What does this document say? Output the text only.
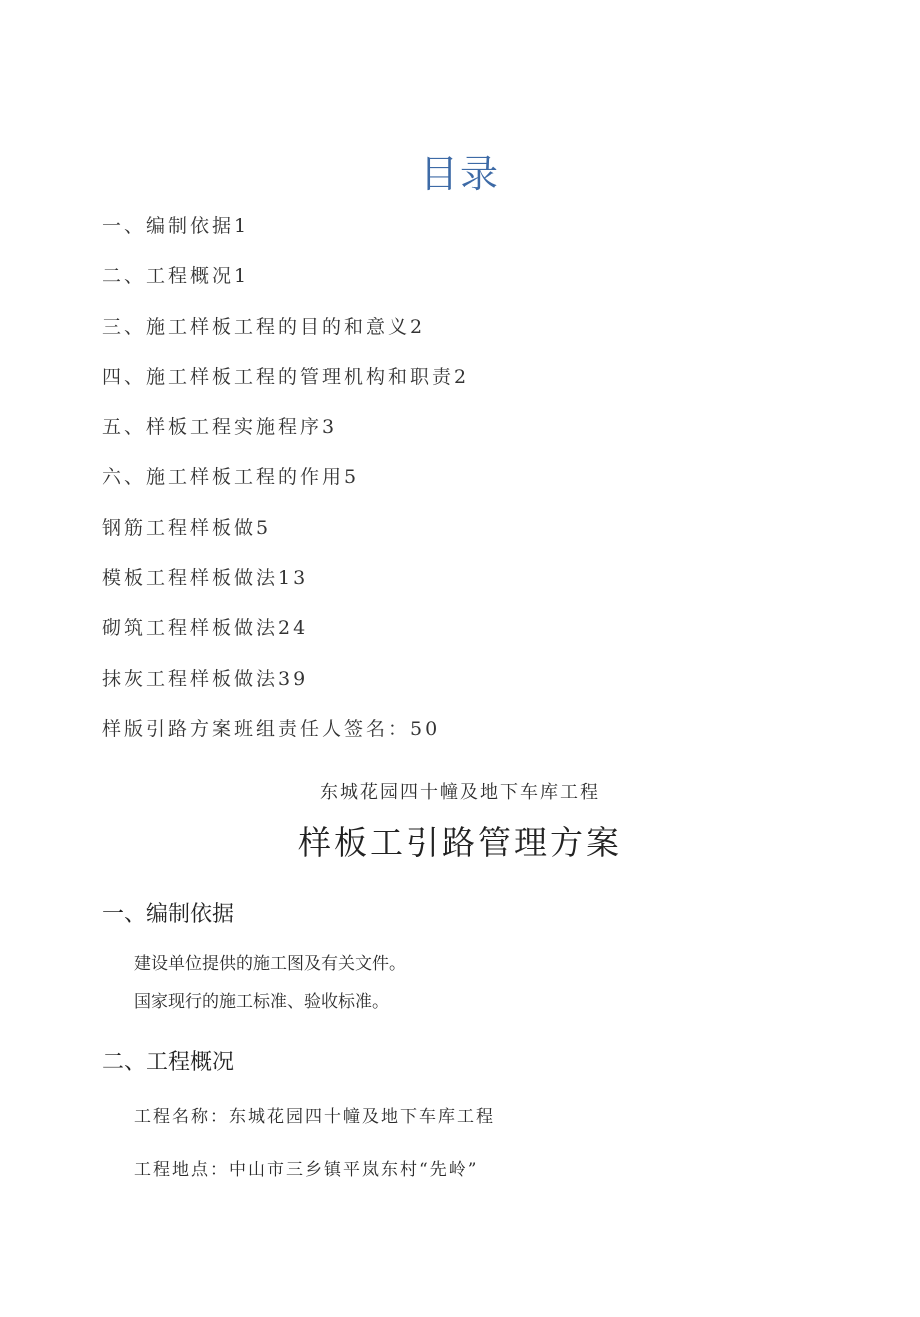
目录
一、编制依据1
二、工程概况1
三、施工样板工程的目的和意义2
四、施工样板工程的管理机构和职责2
五、样板工程实施程序3
六、施工样板工程的作用5
钢筋工程样板做5
模板工程样板做法13
砌筑工程样板做法24
抹灰工程样板做法39
样版引路方案班组责任人签名：50

东城花园四十幢及地下车库工程

样板工引路管理方案
一、编制依据

建设单位提供的施工图及有关文件。

国家现行的施工标准、验收标准。

二、工程概况

工程名称：东城花园四十幢及地下车库工程

工程地点：中山市三乡镇平岚东村“先岭”
